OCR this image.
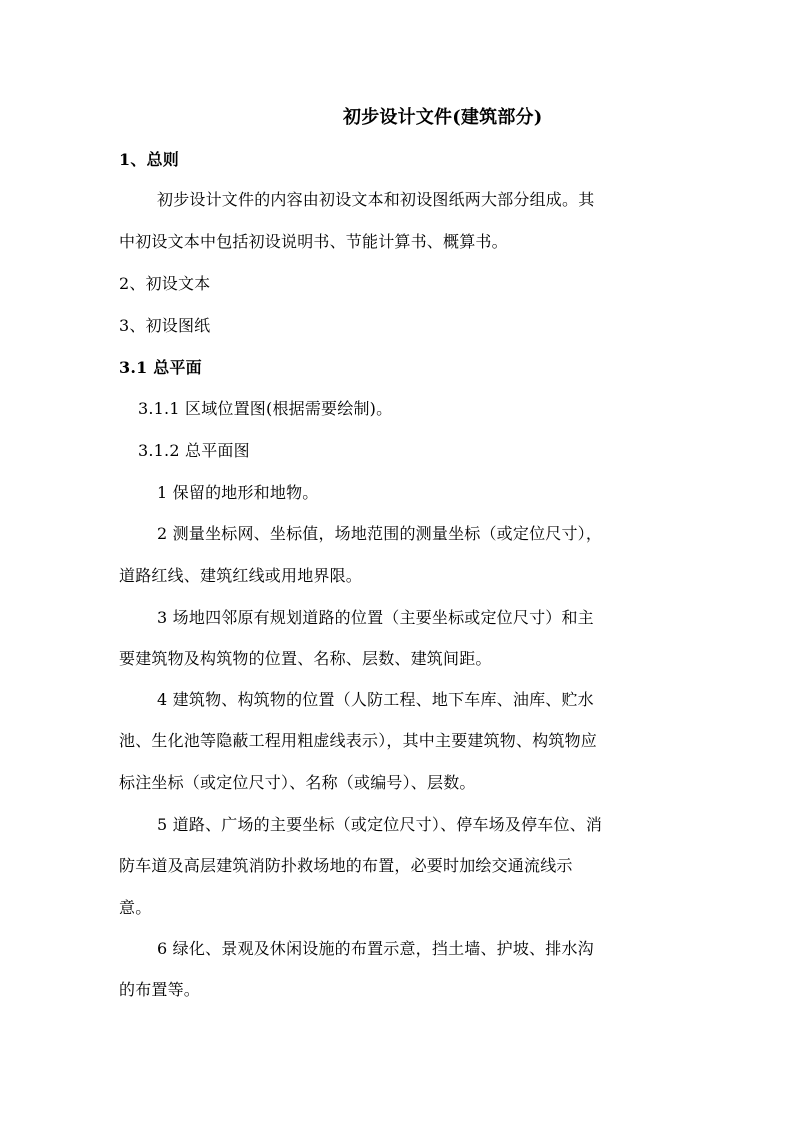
初步设计文件(建筑部分)
1、总则
初步设计文件的内容由初设文本和初设图纸两大部分组成。其
中初设文本中包括初设说明书、节能计算书、概算书。
2、初设文本
3、初设图纸
3.1 总平面
3.1.1 区域位置图(根据需要绘制)。
3.1.2 总平面图
1 保留的地形和地物。
2 测量坐标网、坐标值，场地范围的测量坐标（或定位尺寸），
道路红线、建筑红线或用地界限。
3 场地四邻原有规划道路的位置（主要坐标或定位尺寸）和主
要建筑物及构筑物的位置、名称、层数、建筑间距。
4 建筑物、构筑物的位置（人防工程、地下车库、油库、贮水
池、生化池等隐蔽工程用粗虚线表示），其中主要建筑物、构筑物应
标注坐标（或定位尺寸）、名称（或编号）、层数。
5 道路、广场的主要坐标（或定位尺寸）、停车场及停车位、消
防车道及高层建筑消防扑救场地的布置，必要时加绘交通流线示
意。
6 绿化、景观及休闲设施的布置示意，挡土墙、护坡、排水沟
的布置等。
